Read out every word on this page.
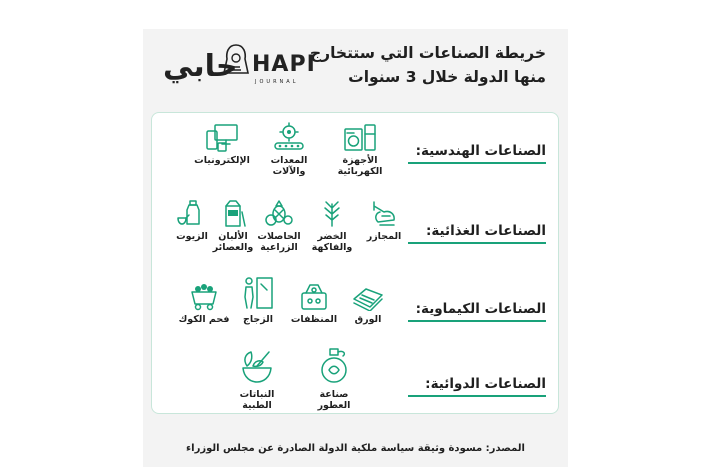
خريطة الصناعات التي ستتخارج
منها الدولة خلال 3 سنوات
حابي HAPI
JOURNAL
الصناعات الهندسية:
الصناعات الغذائية:
الصناعات الكيماوية:
الصناعات الدوائية:
الأجهزة
الكهربائية
المعدات
والآلات
الإلكترونيات
المجازر
الخضر
والفاكهة
الحاصلات
الزراعية
الألبان
والعصائر
الزيوت
الورق
المنظفات
الزجاج
فحم الكوك
صناعة العطور
النباتات الطبية
المصدر: مسودة وثيقة سياسة ملكية الدولة الصادرة عن مجلس الوزراء
